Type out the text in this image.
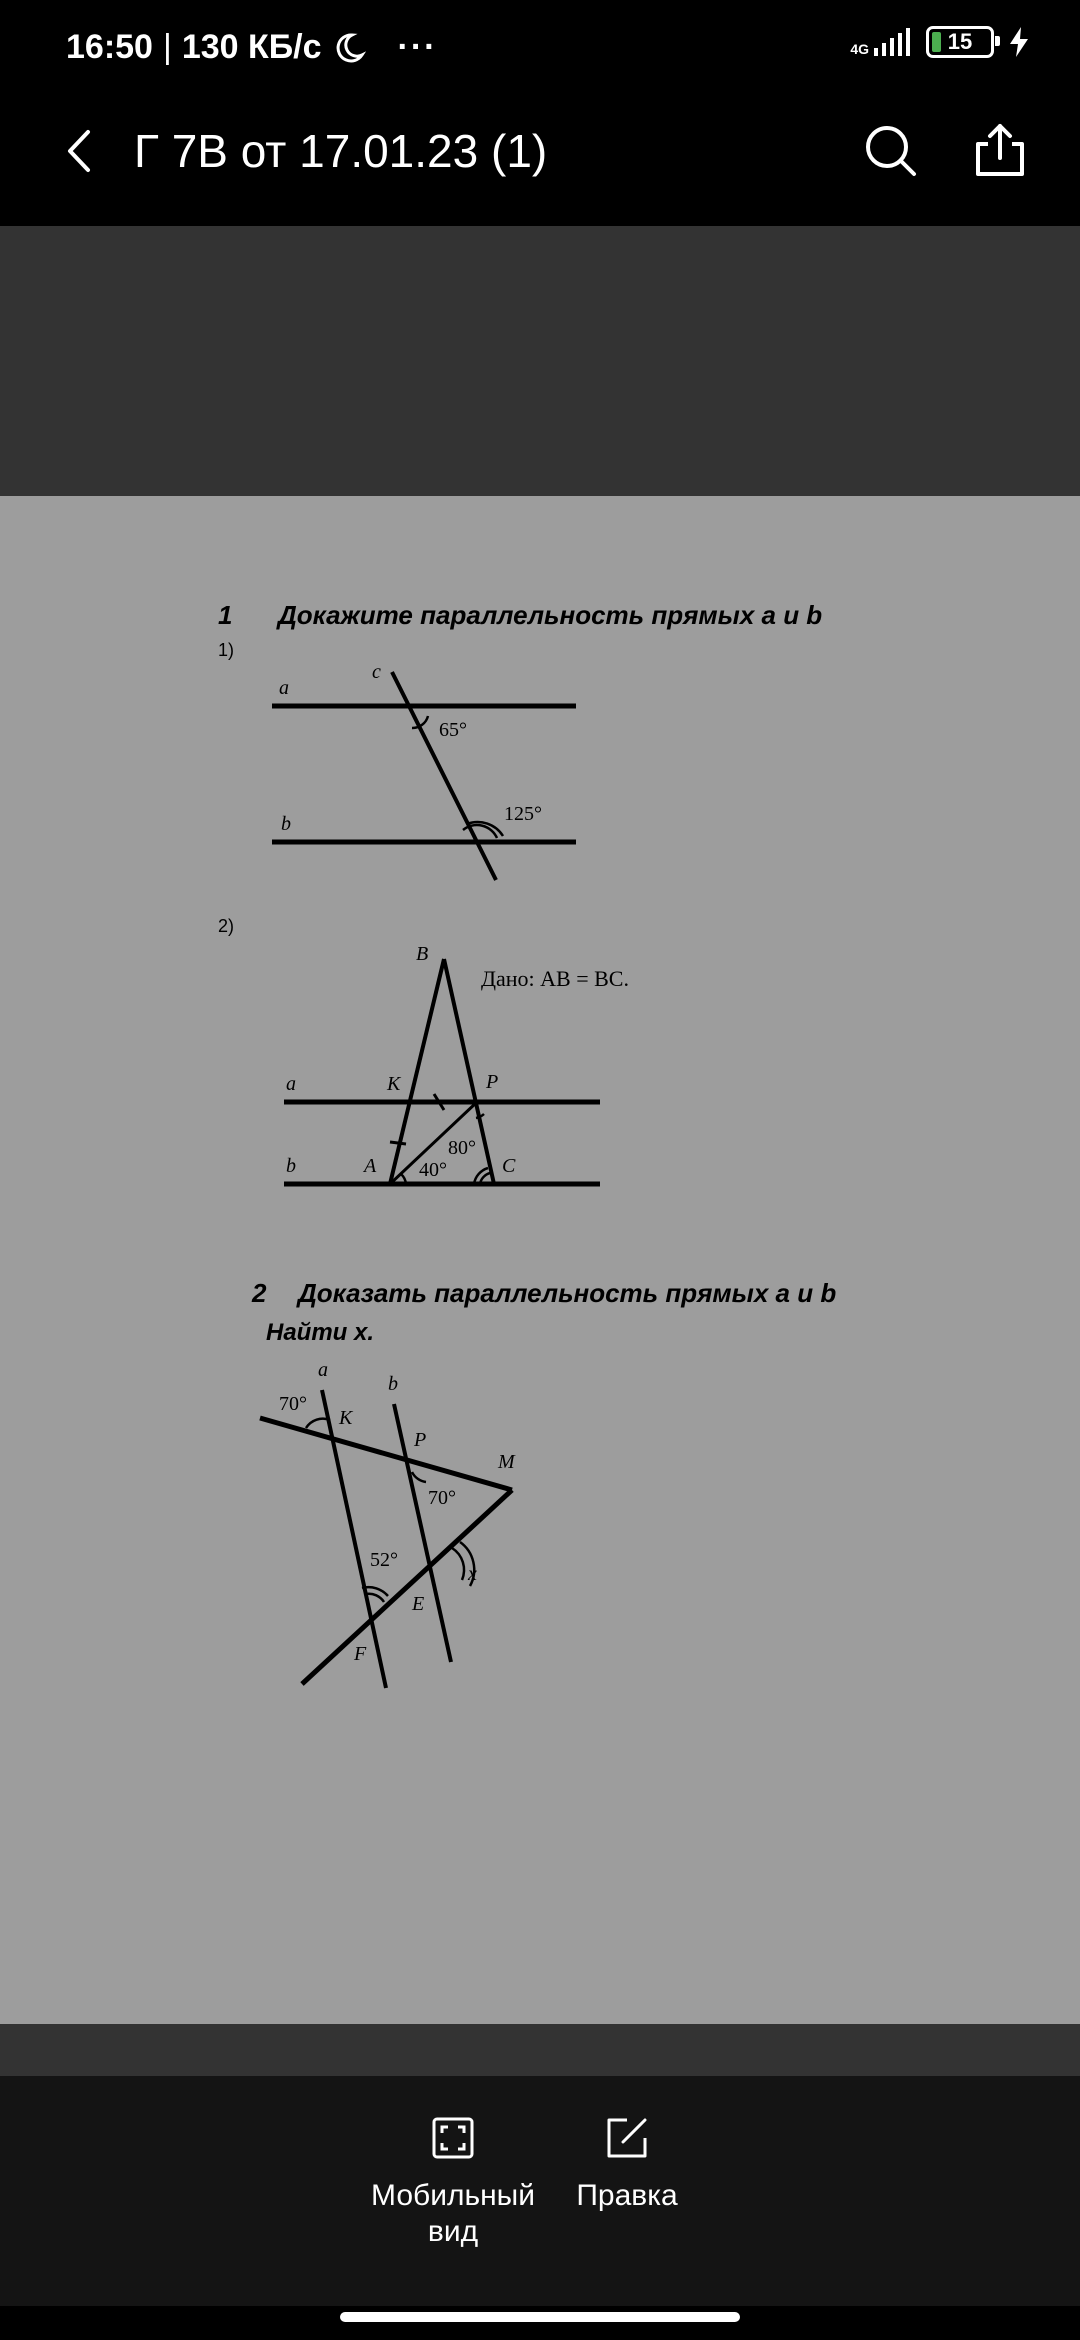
16:50 | 130 КБ/с ···	4G	15
Г 7В от 17.01.23 (1)
1 Докажите параллельность прямых a и b
1)
a
c
65°
125°
b
2)
B
Дано: AB = BC.
a	K	P
80°
b	A 40°	C
2 Доказать параллельность прямых a и b
Найти x.
a
b
70°
K
P
M
70°
52°
x
E
F
Мобильный вид
Правка
